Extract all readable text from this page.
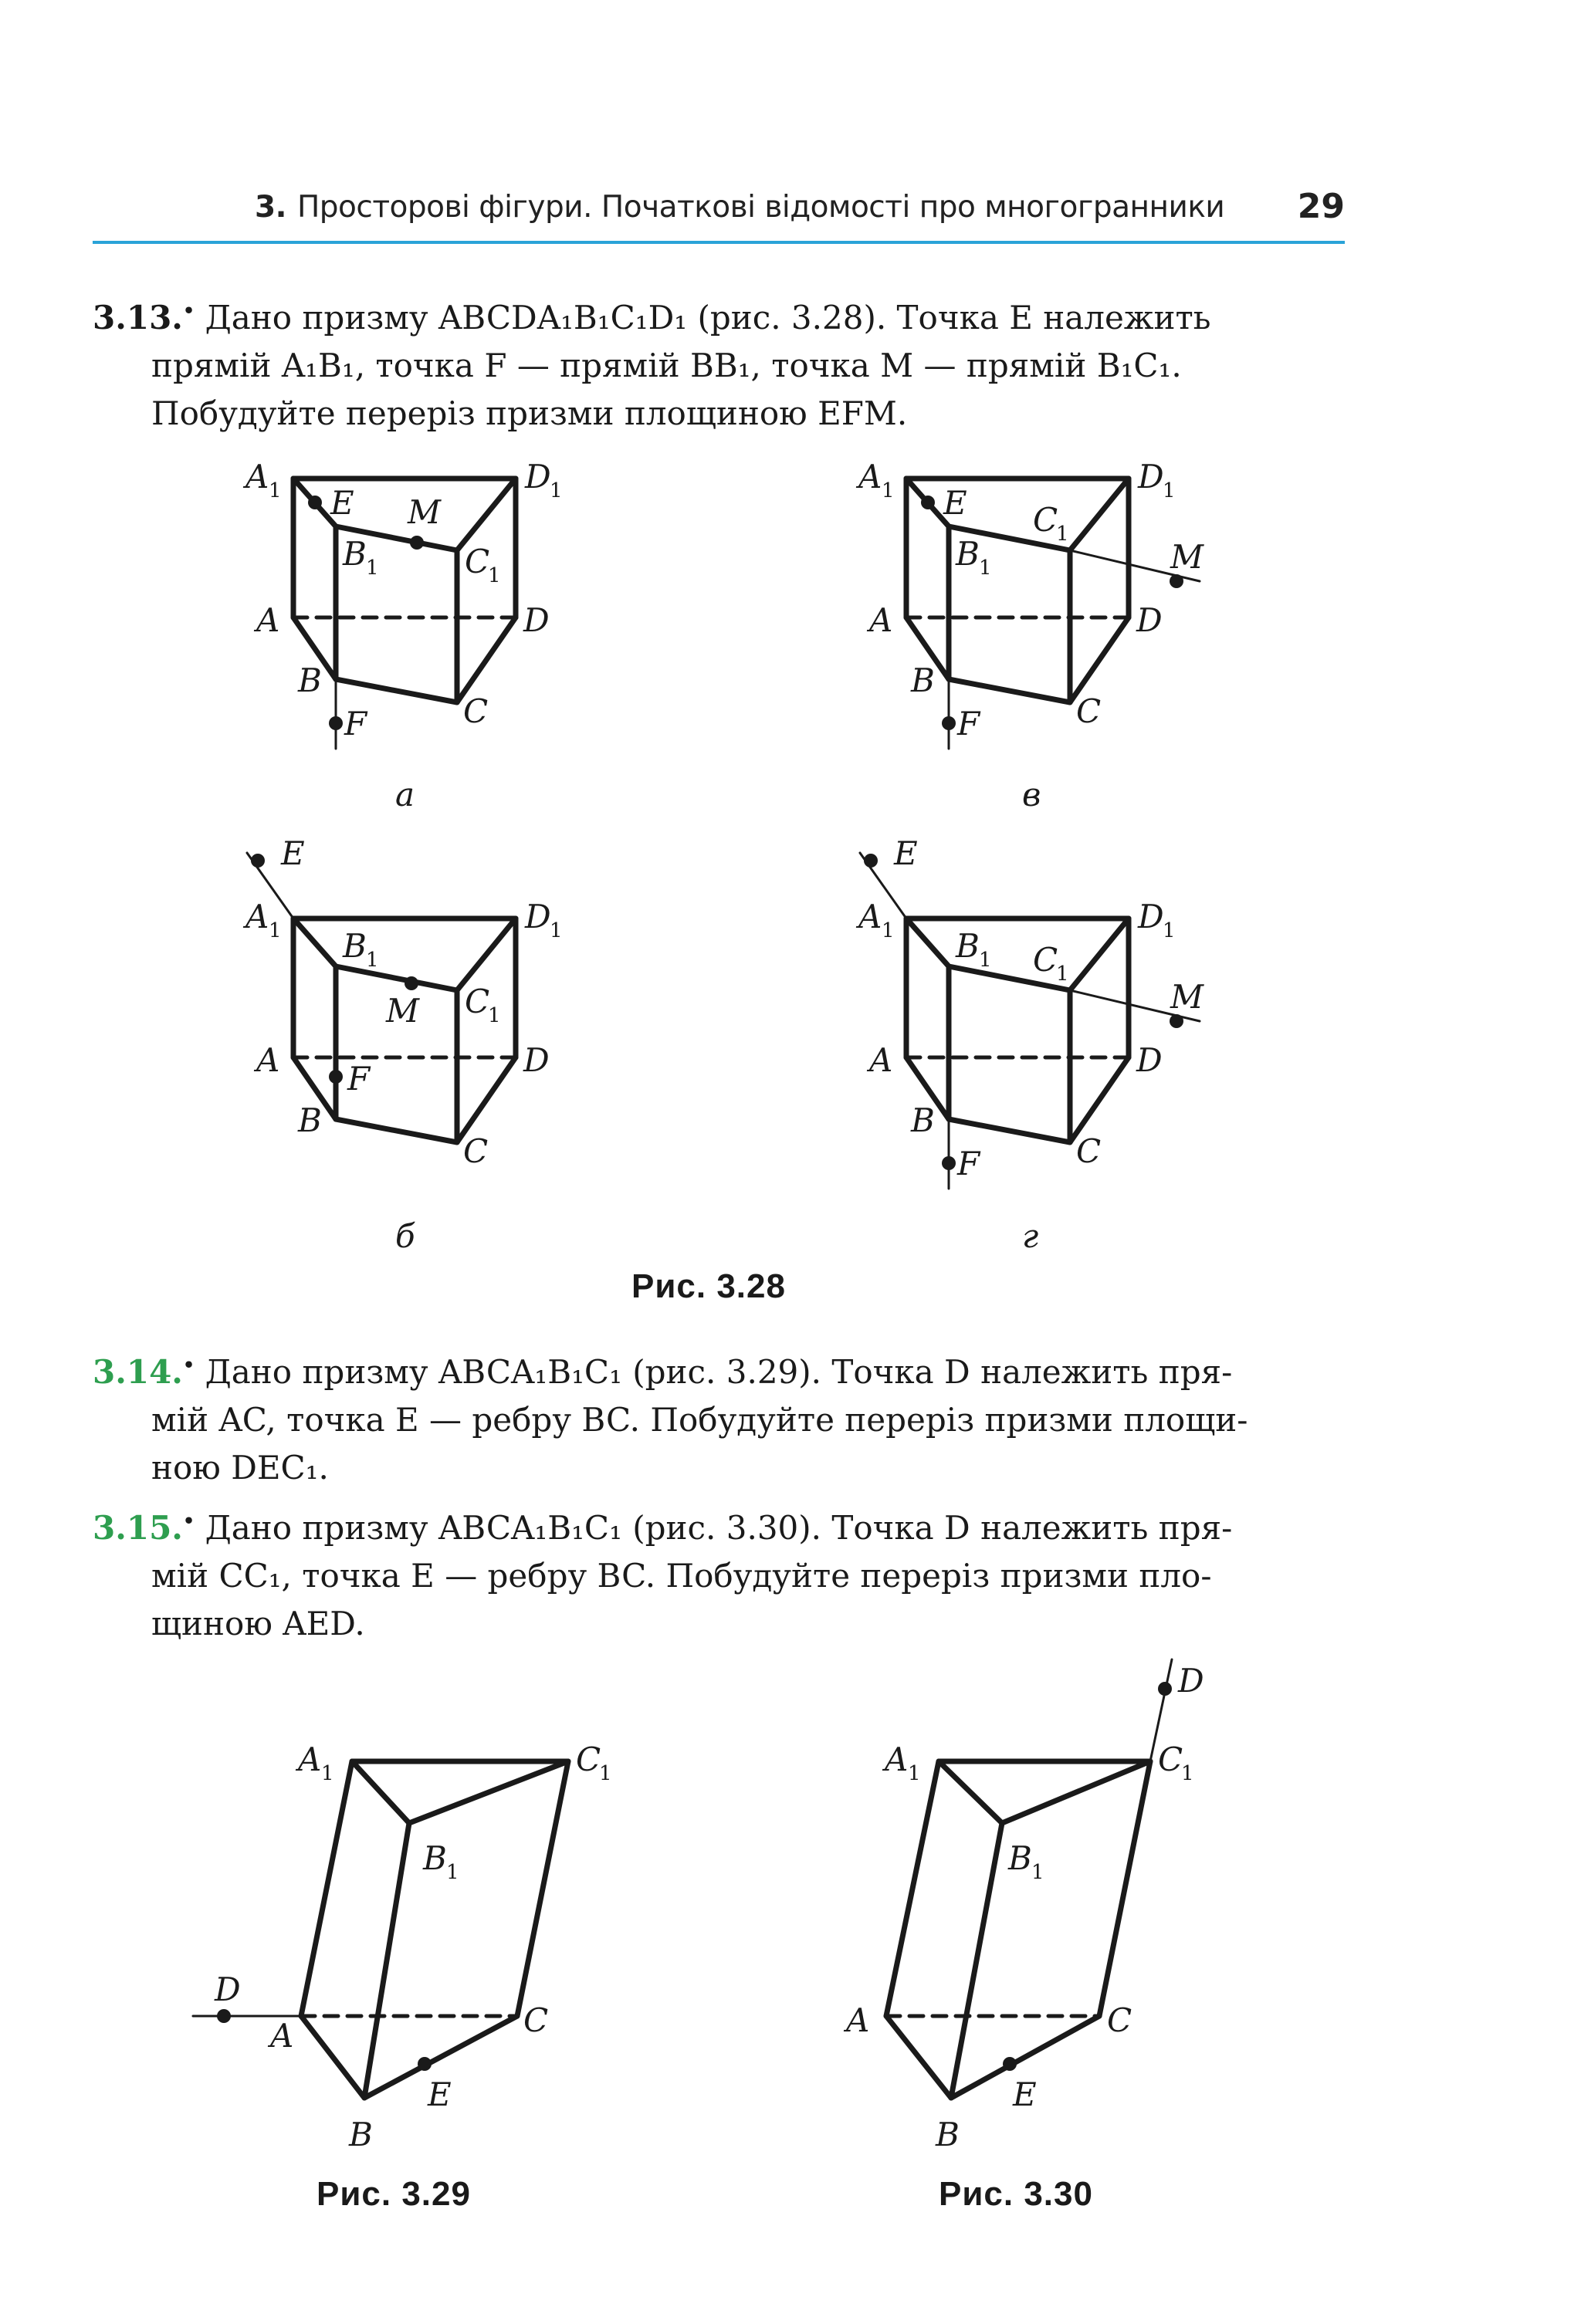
3. Просторові фігури. Початкові відомості про многогранники 29
3.13.• Дано призму ABCDA₁B₁C₁D₁ (рис. 3.28). Точка E належить
прямій A₁B₁, точка F — прямій BB₁, точка M — прямій B₁C₁.
Побудуйте переріз призми площиною EFM.
A 1	D
1
E M
B 1	C
1
A	D
B
C
F
A 1	D
1
E C
1
B 1	M
A	D
B
C
F
E
A 1	D
1
B 1
M C
1
A	D
F
B
C
E
A 1	D
1
B 1 C
1
M
A	D
B
C
F
а	в
б	г
Рис. 3.28
3.14.• Дано призму ABCA₁B₁C₁ (рис. 3.29). Точка D належить пря-
мій AC, точка E — ребру BC. Побудуйте переріз призми площи-
ною DEC₁.
3.15.• Дано призму ABCA₁B₁C₁ (рис. 3.30). Точка D належить пря-
мій CC₁, точка E — ребру BC. Побудуйте переріз призми пло-
щиною AED.
A 1	C
1
B 1
D
A	C
E
B
A 1	C
1
B 1
D
A	C
E
B
Рис. 3.29	Рис. 3.30
